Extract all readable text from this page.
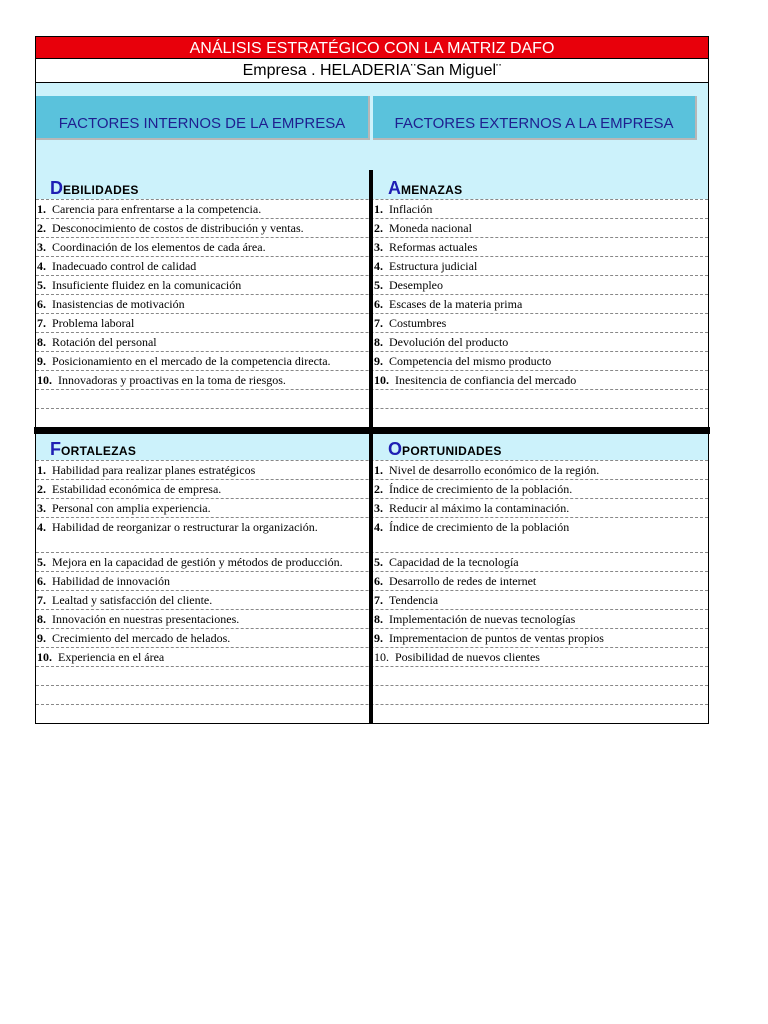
ANÁLISIS ESTRATÉGICO CON LA MATRIZ DAFO
Empresa . HELADERIA¨San Miguel¨
FACTORES INTERNOS DE LA EMPRESA	FACTORES EXTERNOS A LA EMPRESA
DEBILIDADES	AMENAZAS
1. Carencia para enfrentarse a la competencia.	1. Inflación
2. Desconocimiento de costos de distribución y ventas.	2. Moneda nacional
3. Coordinación de los elementos de cada área.	3. Reformas actuales
4. Inadecuado control de calidad	4. Estructura judicial
5. Insuficiente fluidez en la comunicación	5. Desempleo
6. Inasistencias de motivación	6. Escases de la materia prima
7. Problema laboral	7. Costumbres
8. Rotación del personal	8. Devolución del producto
9. Posicionamiento en el mercado de la competencia directa.	9. Competencia del mismo producto
10. Innovadoras y proactivas en la toma de riesgos.	10. Inesitencia de confiancia del mercado

FORTALEZAS	OPORTUNIDADES
1. Habilidad para realizar planes estratégicos	1. Nivel de desarrollo económico de la región.
2. Estabilidad económica de empresa.	2. Índice de crecimiento de la población.
3. Personal con amplia experiencia.	3. Reducir al máximo la contaminación.
4. Habilidad de reorganizar o restructurar la organización.	4. Índice de crecimiento de la población
5. Mejora en la capacidad de gestión y métodos de producción.	5. Capacidad de la tecnología
6. Habilidad de innovación	6. Desarrollo de redes de internet
7. Lealtad y satisfacción del cliente.	7. Tendencia
8. Innovación en nuestras presentaciones.	8. Implementación de nuevas tecnologías
9. Crecimiento del mercado de helados.	9. Imprementacion de puntos de ventas propios
10. Experiencia en el área	10. Posibilidad de nuevos clientes
